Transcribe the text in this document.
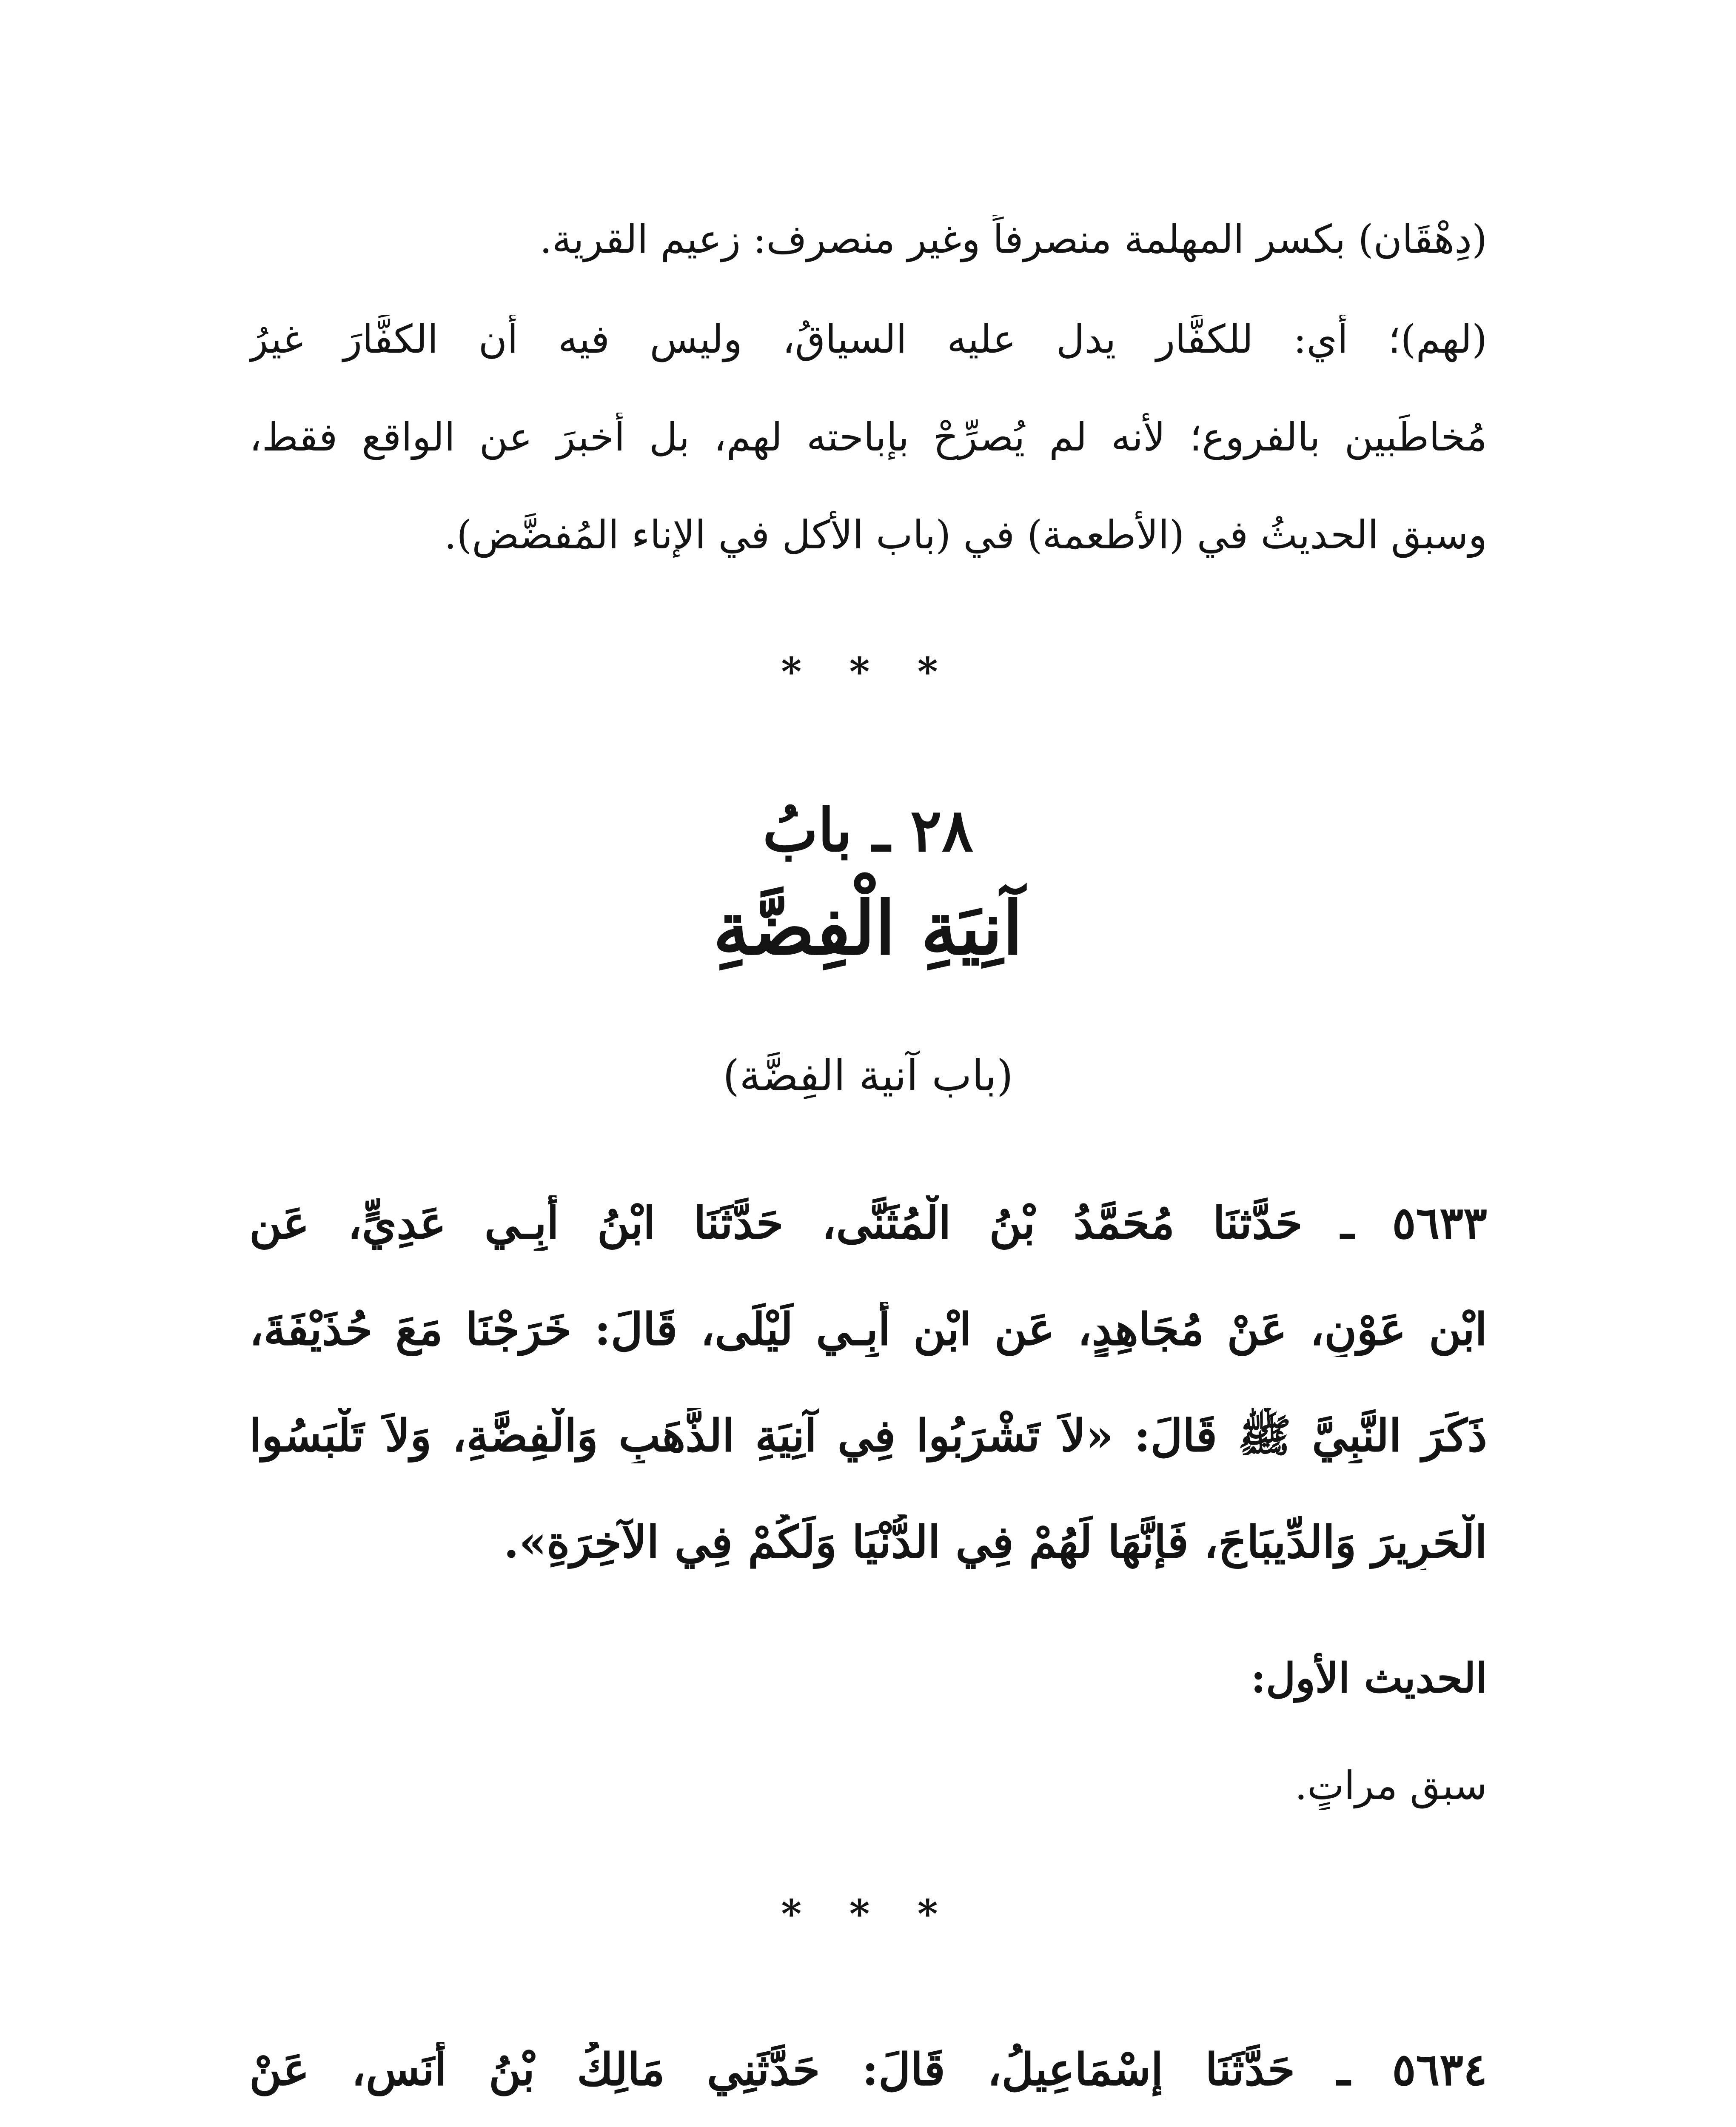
(دِهْقَان) بكسر المهلمة منصرفاً وغير منصرف: زعيم القرية.
(لهم)؛ أي: للكفَّار يدل عليه السياقُ، وليس فيه أن الكفَّارَ غيرُ
مُخاطَبين بالفروع؛ لأنه لم يُصرِّحْ بإباحته لهم، بل أَخبرَ عن الواقع فقط،
وسبق الحديثُ في (الأطعمة) في (باب الأكل في الإناء المُفضَّض).
* * *
٢٨ ـ بابُ
آنِيَةِ الْفِضَّةِ
(باب آنية الفِضَّة)
٥٦٣٣ ـ حَدَّثنَا مُحَمَّدُ بْنُ الْمُثَنَّى، حَدَّثَنَا ابْنُ أَبِـي عَدِيٍّ، عَنِ
ابْنِ عَوْنٍ، عَنْ مُجَاهِدٍ، عَنِ ابْنِ أَبِـي لَيْلَى، قَالَ: خَرَجْنَا مَعَ حُذَيْفَةَ،
ذَكَرَ النَّبِيَّ ﷺ قَالَ: «لاَ تَشْرَبُوا فِي آنِيَةِ الذَّهَبِ وَالْفِضَّةِ، وَلاَ تَلْبَسُوا
الْحَرِيرَ وَالدِّيبَاجَ، فَإِنَّهَا لَهُمْ فِي الدُّنْيَا وَلَكُمْ فِي الآخِرَةِ».
الحديث الأول:
سبق مراتٍ.
* * *
٥٦٣٤ ـ حَدَّثَنَا إِسْمَاعِيلُ، قَالَ: حَدَّثَنِي مَالِكُ بْنُ أَنَسٍ، عَنْ
